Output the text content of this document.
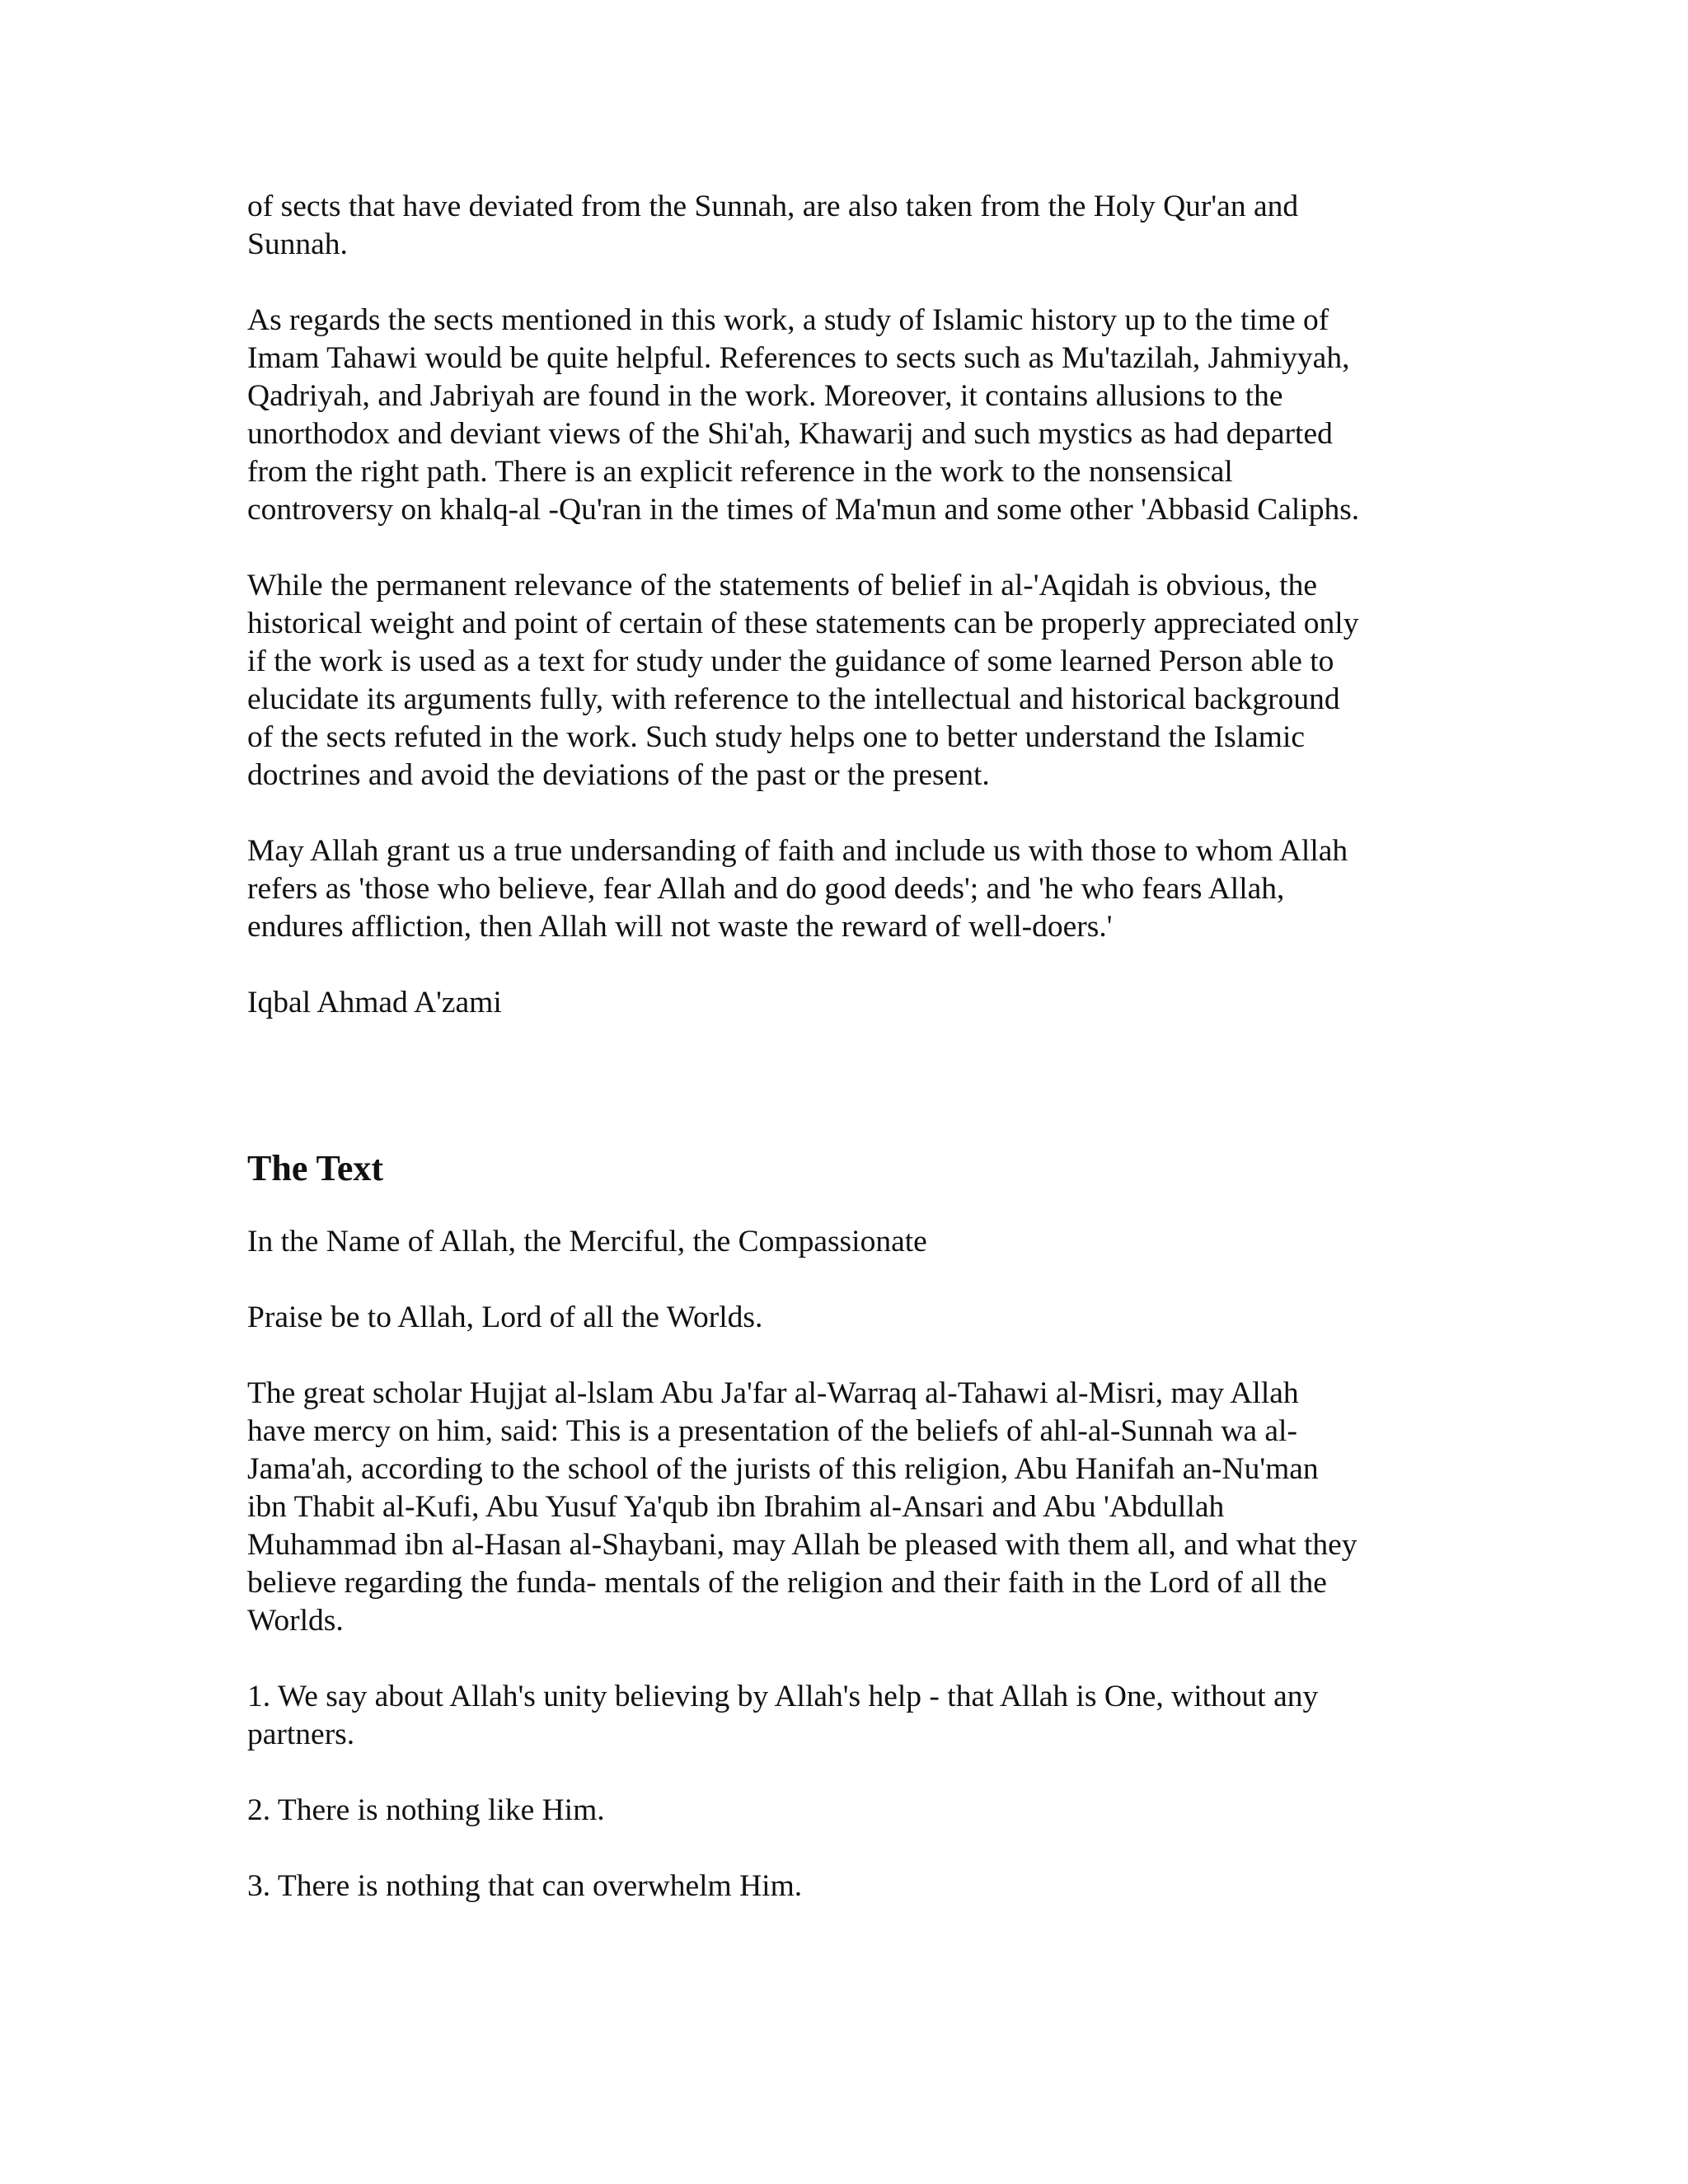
of sects that have deviated from the Sunnah, are also taken from the Holy Qur'an and
Sunnah.

As regards the sects mentioned in this work, a study of Islamic history up to the time of
Imam Tahawi would be quite helpful. References to sects such as Mu'tazilah, Jahmiyyah,
Qadriyah, and Jabriyah are found in the work. Moreover, it contains allusions to the
unorthodox and deviant views of the Shi'ah, Khawarij and such mystics as had departed
from the right path. There is an explicit reference in the work to the nonsensical
controversy on khalq-al -Qu'ran in the times of Ma'mun and some other 'Abbasid Caliphs.

While the permanent relevance of the statements of belief in al-'Aqidah is obvious, the
historical weight and point of certain of these statements can be properly appreciated only
if the work is used as a text for study under the guidance of some learned Person able to
elucidate its arguments fully, with reference to the intellectual and historical background
of the sects refuted in the work. Such study helps one to better understand the Islamic
doctrines and avoid the deviations of the past or the present.

May Allah grant us a true undersanding of faith and include us with those to whom Allah
refers as 'those who believe, fear Allah and do good deeds'; and 'he who fears Allah,
endures affliction, then Allah will not waste the reward of well-doers.'

Iqbal Ahmad A'zami

The Text

In the Name of Allah, the Merciful, the Compassionate

Praise be to Allah, Lord of all the Worlds.

The great scholar Hujjat al-lslam Abu Ja'far al-Warraq al-Tahawi al-Misri, may Allah
have mercy on him, said: This is a presentation of the beliefs of ahl-al-Sunnah wa al-
Jama'ah, according to the school of the jurists of this religion, Abu Hanifah an-Nu'man
ibn Thabit al-Kufi, Abu Yusuf Ya'qub ibn Ibrahim al-Ansari and Abu 'Abdullah
Muhammad ibn al-Hasan al-Shaybani, may Allah be pleased with them all, and what they
believe regarding the funda- mentals of the religion and their faith in the Lord of all the
Worlds.

1. We say about Allah's unity believing by Allah's help - that Allah is One, without any
partners.

2. There is nothing like Him.

3. There is nothing that can overwhelm Him.
